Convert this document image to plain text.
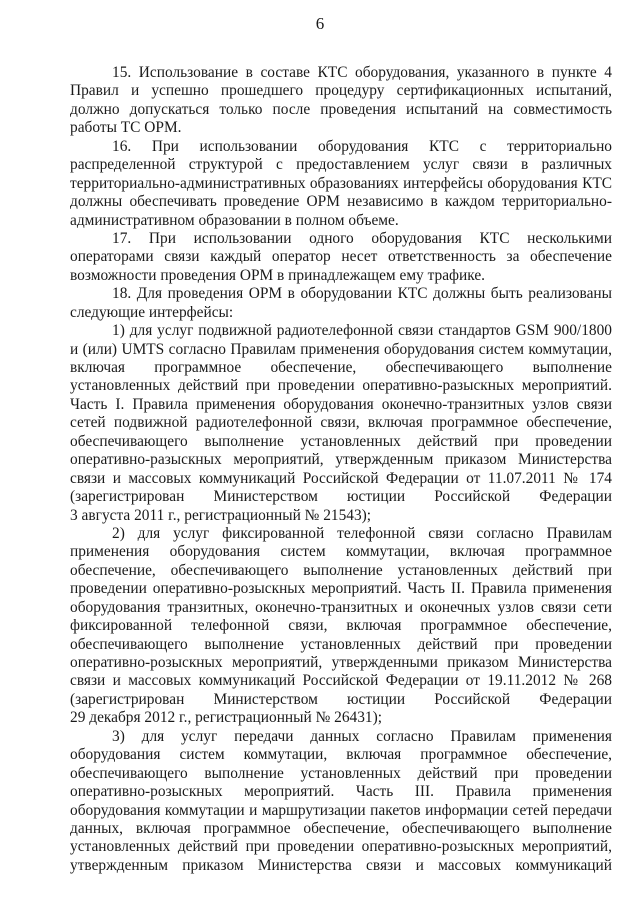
6
15. Использование в составе КТС оборудования, указанного в пункте 4
Правил и успешно прошедшего процедуру сертификационных испытаний,
должно допускаться только после проведения испытаний на совместимость
работы ТС ОРМ.
16. При использовании оборудования КТС с территориально
распределенной структурой с предоставлением услуг связи в различных
территориально-административных образованиях интерфейсы оборудования КТС
должны обеспечивать проведение ОРМ независимо в каждом территориально-
административном образовании в полном объеме.
17. При использовании одного оборудования КТС несколькими
операторами связи каждый оператор несет ответственность за обеспечение
возможности проведения ОРМ в принадлежащем ему трафике.
18. Для проведения ОРМ в оборудовании КТС должны быть реализованы
следующие интерфейсы:
1) для услуг подвижной радиотелефонной связи стандартов GSM 900/1800
и (или) UMTS согласно Правилам применения оборудования систем коммутации,
включая программное обеспечение, обеспечивающего выполнение
установленных действий при проведении оперативно-разыскных мероприятий.
Часть I. Правила применения оборудования оконечно-транзитных узлов связи
сетей подвижной радиотелефонной связи, включая программное обеспечение,
обеспечивающего выполнение установленных действий при проведении
оперативно-разыскных мероприятий, утвержденным приказом Министерства
связи и массовых коммуникаций Российской Федерации от 11.07.2011 № 174
(зарегистрирован Министерством юстиции Российской Федерации
3 августа 2011 г., регистрационный № 21543);
2) для услуг фиксированной телефонной связи согласно Правилам
применения оборудования систем коммутации, включая программное
обеспечение, обеспечивающего выполнение установленных действий при
проведении оперативно-розыскных мероприятий. Часть II. Правила применения
оборудования транзитных, оконечно-транзитных и оконечных узлов связи сети
фиксированной телефонной связи, включая программное обеспечение,
обеспечивающего выполнение установленных действий при проведении
оперативно-розыскных мероприятий, утвержденными приказом Министерства
связи и массовых коммуникаций Российской Федерации от 19.11.2012 № 268
(зарегистрирован Министерством юстиции Российской Федерации
29 декабря 2012 г., регистрационный № 26431);
3) для услуг передачи данных согласно Правилам применения
оборудования систем коммутации, включая программное обеспечение,
обеспечивающего выполнение установленных действий при проведении
оперативно-розыскных мероприятий. Часть III. Правила применения
оборудования коммутации и маршрутизации пакетов информации сетей передачи
данных, включая программное обеспечение, обеспечивающего выполнение
установленных действий при проведении оперативно-розыскных мероприятий,
утвержденным приказом Министерства связи и массовых коммуникаций
